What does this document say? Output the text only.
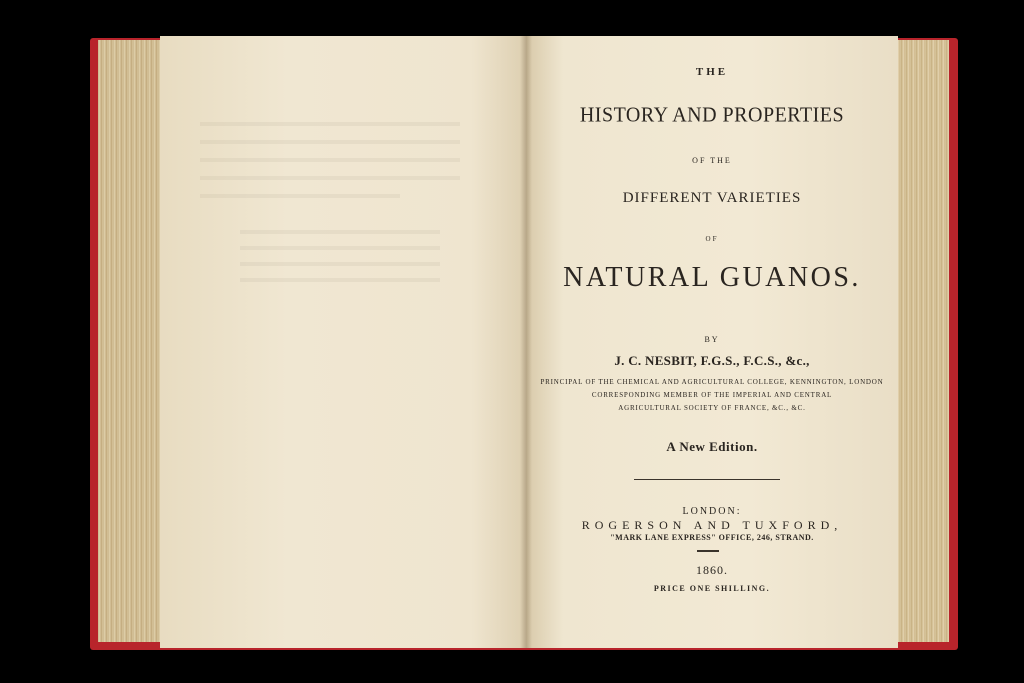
THE

HISTORY AND PROPERTIES

OF THE

DIFFERENT VARIETIES

OF

NATURAL GUANOS.

BY

J. C. NESBIT, F.G.S., F.C.S., &c.,

PRINCIPAL OF THE CHEMICAL AND AGRICULTURAL COLLEGE, KENNINGTON, LONDON

CORRESPONDING MEMBER OF THE IMPERIAL AND CENTRAL

AGRICULTURAL SOCIETY OF FRANCE, &C., &C.

A New Edition.

LONDON:

ROGERSON AND TUXFORD,

"MARK LANE EXPRESS" OFFICE, 246, STRAND.

1860.

PRICE ONE SHILLING.
